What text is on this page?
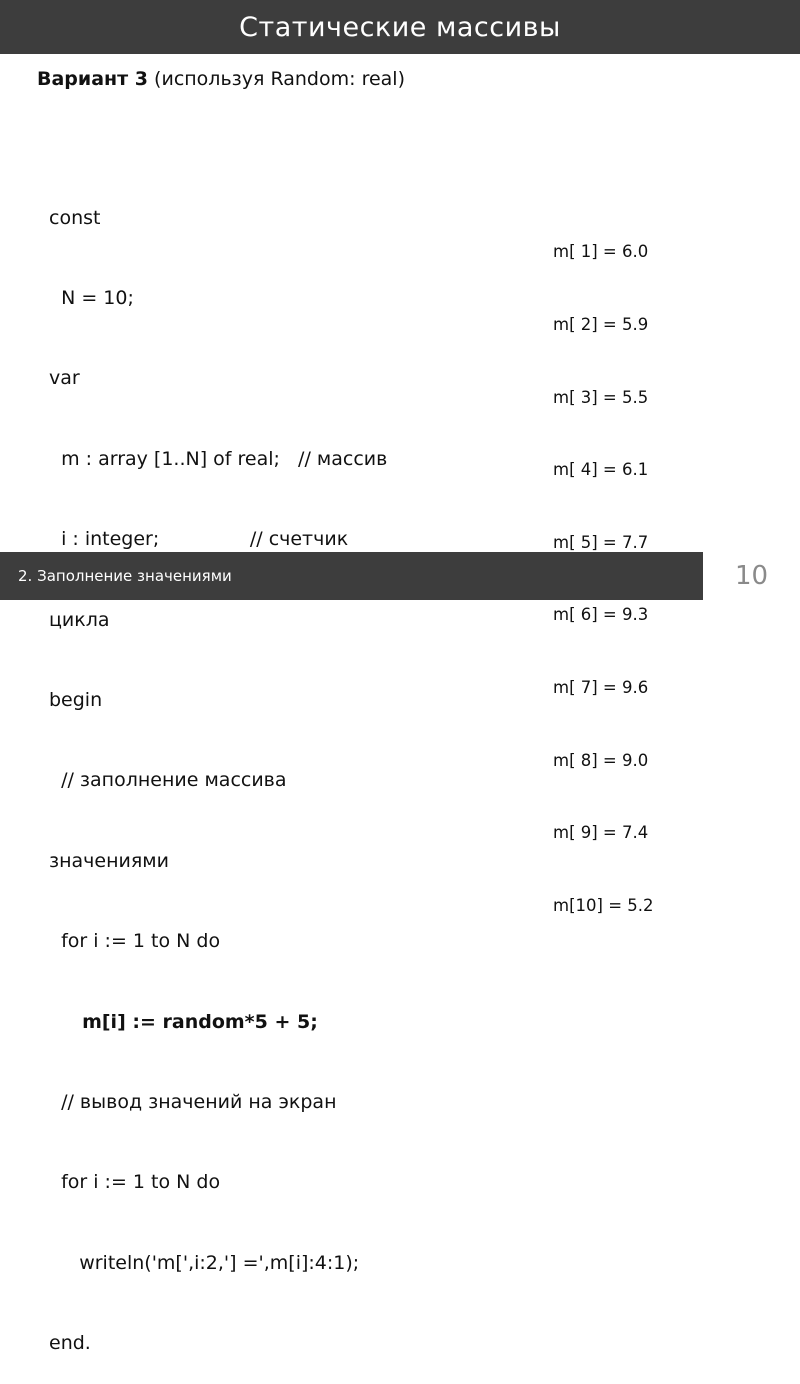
Статические массивы
Вариант 3 (используя Random: real)

const

N = 10;

var

m : array [1..N] of real;   // массив

i : integer;               // счетчик

цикла

begin

// заполнение массива

значениями

for i := 1 to N do

m[i] := random*5 + 5;

// вывод значений на экран

for i := 1 to N do

writeln('m[',i:2,'] =',m[i]:4:1);

end.

m[ 1] = 6.0

m[ 2] = 5.9

m[ 3] = 5.5

m[ 4] = 6.1

m[ 5] = 7.7

m[ 6] = 9.3

m[ 7] = 9.6

m[ 8] = 9.0

m[ 9] = 7.4

m[10] = 5.2

2. Заполнение значениями	10
